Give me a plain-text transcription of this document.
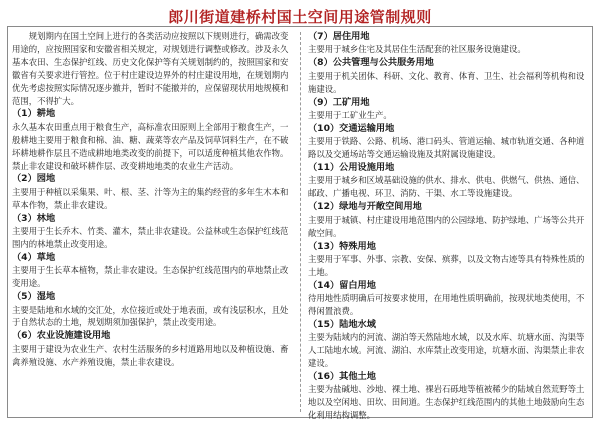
郎川街道建桥村国土空间用途管制规则

规划期内在国土空间上进行的各类活动应按照以下规则进行，确需改变用途的，应按照国家和安徽省相关规定，对规划进行调整或修改。涉及永久基本农田、生态保护红线、历史文化保护等有关规划制约的，按照国家和安徽省有关要求进行管控。位于村庄建设边界外的村庄建设用地，在规划期内优先考虑按照实际情况逐步撤并，暂时不能撤并的，应保留现状用地规模和范围，不得扩大。

（1）耕地

永久基本农田重点用于粮食生产，高标准农田原则上全部用于粮食生产，一般耕地主要用于粮食和棉、油、糖、蔬菜等农产品及饲草饲料生产，在不破坏耕地耕作层且不造成耕地地类改变的前提下，可以适度种植其他农作物。禁止非农建设和破坏耕作层、改变耕地地类的农业生产活动。

（2）园地

主要用于种植以采集果、叶、根、茎、汁等为主的集约经营的多年生木本和草本作物，禁止非农建设。

（3）林地

主要用于生长乔木、竹类、灌木，禁止非农建设。公益林或生态保护红线范围内的林地禁止改变用途。

（4）草地

主要用于生长草本植物，禁止非农建设。生态保护红线范围内的草地禁止改变用途。

（5）湿地

主要是陆地和水域的交汇处，水位接近或处于地表面，或有浅层积水，且处于自然状态的土地，规划期须加强保护，禁止改变用途。

（6）农业设施建设用地

主要用于建设为农业生产、农村生活服务的乡村道路用地以及种植设施、畜禽养殖设施、水产养殖设施，禁止非农建设。

（7）居住用地

主要用于城乡住宅及其居住生活配套的社区服务设施建设。

（8）公共管理与公共服务用地

主要用于机关团体、科研、文化、教育、体育、卫生、社会福利等机构和设施建设。

（9）工矿用地

主要用于工矿业生产。

（10）交通运输用地

主要用于铁路、公路、机场、港口码头、管道运输、城市轨道交通、各种道路以及交通场站等交通运输设施及其附属设施建设。

（11）公用设施用地

主要用于城乡和区域基础设施的供水、排水、供电、供燃气、供热、通信、邮政、广播电视、环卫、消防、干渠、水工等设施建设。

（12）绿地与开敞空间用地

主要用于城镇、村庄建设用地范围内的公园绿地、防护绿地、广场等公共开敞空间。

（13）特殊用地

主要用于军事、外事、宗教、安保、殡葬，以及文物古迹等具有特殊性质的土地。

（14）留白用地

待用地性质明确后可按要求使用，在用地性质明确前，按现状地类使用，不得闲置浪费。

（15）陆地水域

主要为陆域内的河流、湖泊等天然陆地水域，以及水库、坑塘水面、沟渠等人工陆地水域。河流、湖泊、水库禁止改变用途，坑塘水面、沟渠禁止非农建设。

（16）其他土地

主要为盐碱地、沙地、裸土地、裸岩石砾地等植被稀少的陆域自然荒野等土地以及空闲地、田坎、田间道。生态保护红线范围内的其他土地鼓励向生态化利用结构调整。
